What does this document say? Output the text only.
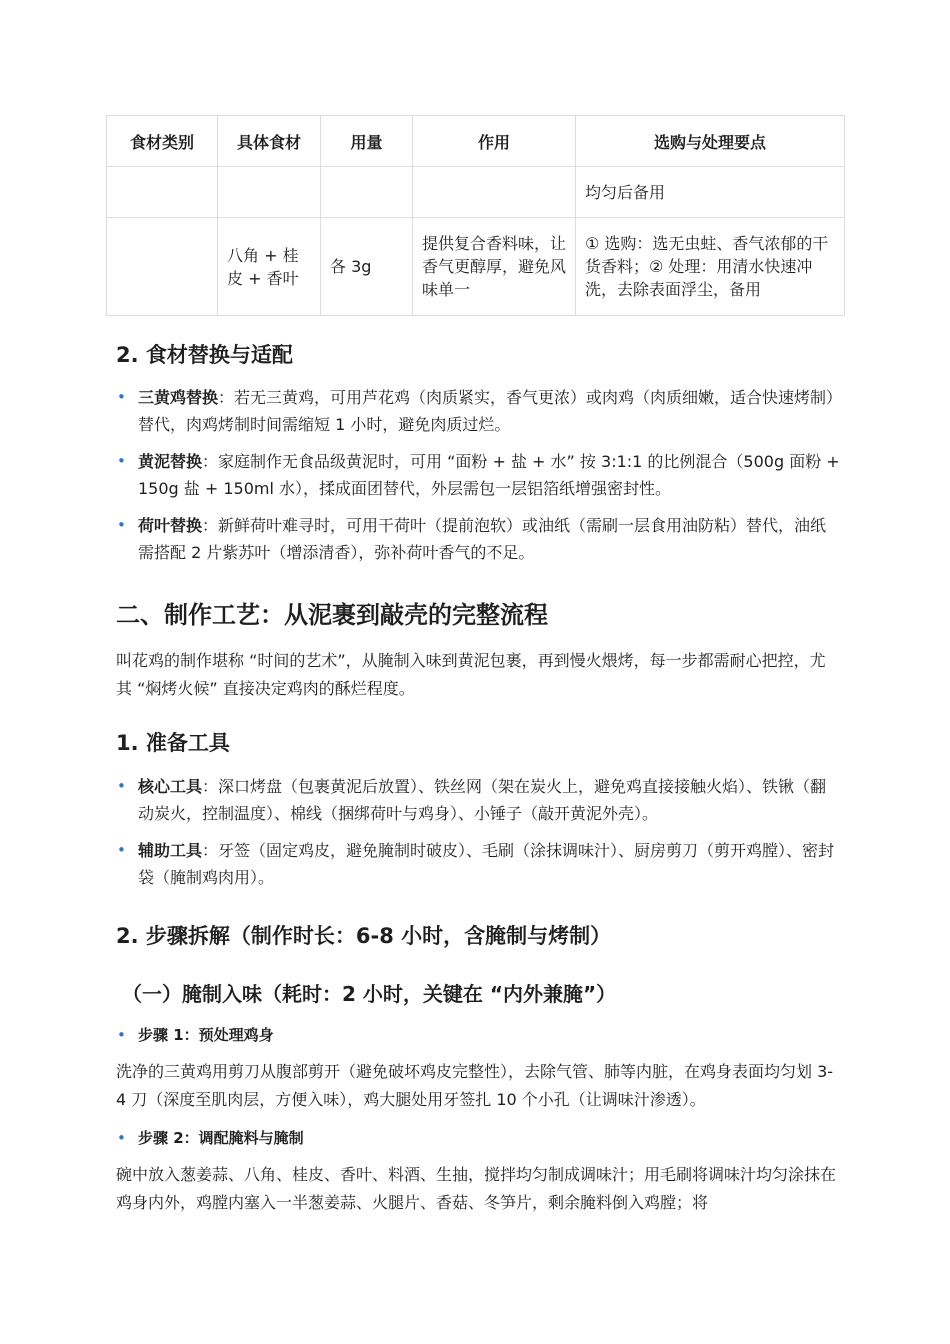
食材类别	具体食材	用量	作用	选购与处理要点
				均匀后备用
	八角 + 桂皮 + 香叶	各 3g	提供复合香料味，让香气更醇厚，避免风味单一	① 选购：选无虫蛀、香气浓郁的干货香料；② 处理：用清水快速冲洗，去除表面浮尘，备用
2. 食材替换与适配
• 三黄鸡替换：若无三黄鸡，可用芦花鸡（肉质紧实，香气更浓）或肉鸡（肉质细嫩，适合快速烤制）替代，肉鸡烤制时间需缩短 1 小时，避免肉质过烂。
• 黄泥替换：家庭制作无食品级黄泥时，可用 “面粉 + 盐 + 水” 按 3:1:1 的比例混合（500g 面粉 + 150g 盐 + 150ml 水），揉成面团替代，外层需包一层铝箔纸增强密封性。
• 荷叶替换：新鲜荷叶难寻时，可用干荷叶（提前泡软）或油纸（需刷一层食用油防粘）替代，油纸需搭配 2 片紫苏叶（增添清香），弥补荷叶香气的不足。
二、制作工艺：从泥裹到敲壳的完整流程
叫花鸡的制作堪称 “时间的艺术”，从腌制入味到黄泥包裹，再到慢火煨烤，每一步都需耐心把控，尤其 “焖烤火候” 直接决定鸡肉的酥烂程度。
1. 准备工具
• 核心工具：深口烤盘（包裹黄泥后放置）、铁丝网（架在炭火上，避免鸡直接接触火焰）、铁锹（翻动炭火，控制温度）、棉线（捆绑荷叶与鸡身）、小锤子（敲开黄泥外壳）。
• 辅助工具：牙签（固定鸡皮，避免腌制时破皮）、毛刷（涂抹调味汁）、厨房剪刀（剪开鸡膛）、密封袋（腌制鸡肉用）。
2. 步骤拆解（制作时长：6-8 小时，含腌制与烤制）
（一）腌制入味（耗时：2 小时，关键在 “内外兼腌”）
• 步骤 1：预处理鸡身
洗净的三黄鸡用剪刀从腹部剪开（避免破坏鸡皮完整性），去除气管、肺等内脏，在鸡身表面均匀划 3-4 刀（深度至肌肉层，方便入味），鸡大腿处用牙签扎 10 个小孔（让调味汁渗透）。
• 步骤 2：调配腌料与腌制
碗中放入葱姜蒜、八角、桂皮、香叶、料酒、生抽，搅拌均匀制成调味汁；用毛刷将调味汁均匀涂抹在鸡身内外，鸡膛内塞入一半葱姜蒜、火腿片、香菇、冬笋片，剩余腌料倒入鸡膛；将
